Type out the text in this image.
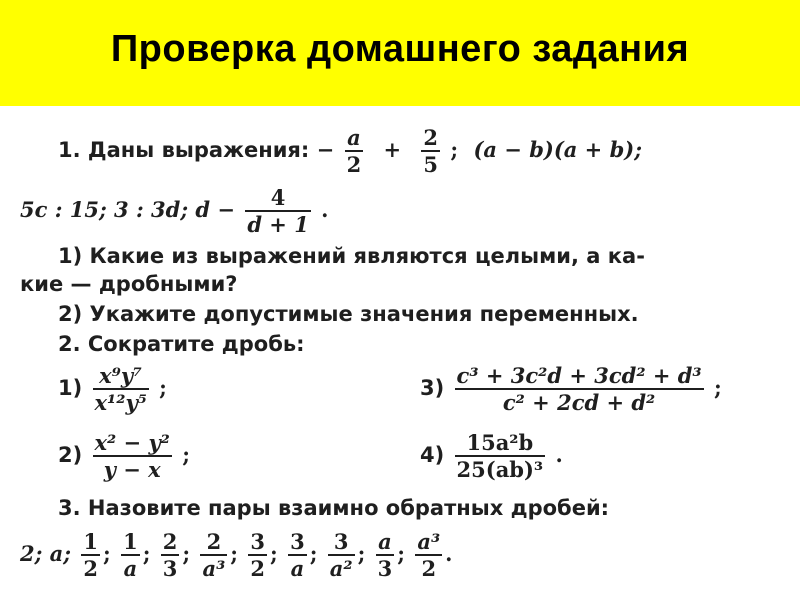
Проверка домашнего задания
1. Даны выражения: − $\frac{a}{2} + \frac{2}{5}$ ; (a − b)(a + b);
5c : 15; 3 : 3d; $d - \frac{4}{d + 1}$ .
1) Какие из выражений являются целыми, а ка-
кие — дробными?
2) Укажите допустимые значения переменных.
2. Сократите дробь:
$1) \frac{\text{x⁹y⁷}}{\text{x¹²y⁵}}$ ;	$3) \frac{\text{c³ + 3c²d + 3cd² + d³}}{\text{c² + 2cd + d²}}$ ;
$2) \frac{\text{x² − y²}}{y - x}$ ;	$4) \frac{\text{15a²b}}{\text{25(ab)³}}$ .
3. Назовите пары взаимно обратных дробей:
2; a; $\frac{1}{2}$ ; $\frac{1}{a}$ ; $\frac{2}{3}$ ; $\frac{2}{\text{a³}}$ ; $\frac{3}{2}$ ; $\frac{3}{a}$ ; $\frac{3}{\text{a²}}$ ; $\frac{a}{3}$ ; $\frac{\text{a³}}{2}$ .
